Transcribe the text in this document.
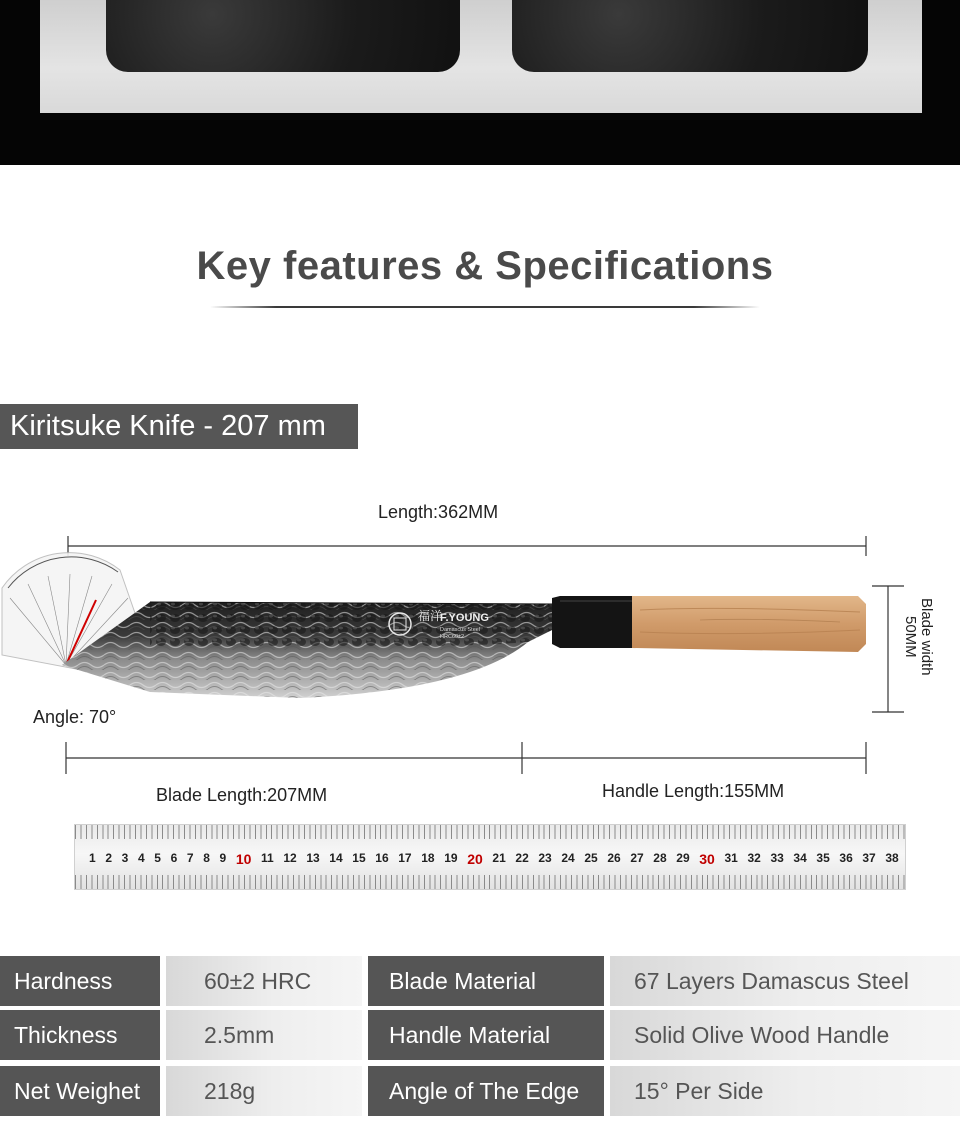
Key features & Specifications
Kiritsuke Knife - 207 mm
福洋
F.YOUNG
Damascus Steel
HRC60±2	Blade width
50MM
Length:362MM
Angle: 70°
Blade Length:207MM	Handle Length:155MM
1 2 3 4 5 6 7 8 9 10 11 12 13 14 15 16 17 18 19 20 21 22 23 24 25 26 27 28 29 30 31 32 33 34 35 36 37 38
Hardness	60±2 HRC	Blade Material	67 Layers Damascus Steel
Thickness	2.5mm	Handle Material	Solid Olive Wood Handle
Net Weighet	218g	Angle of The Edge	15° Per Side
